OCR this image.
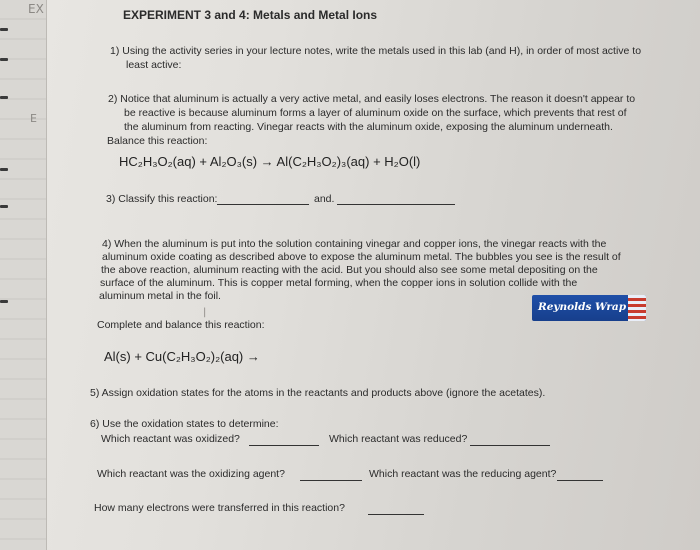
EX
E
EXPERIMENT 3 and 4: Metals and Metal Ions
1) Using the activity series in your lecture notes, write the metals used in this lab (and H), in order of most active to
least active:
2) Notice that aluminum is actually a very active metal, and easily loses electrons. The reason it doesn't appear to
be reactive is because aluminum forms a layer of aluminum oxide on the surface, which prevents that rest of
the aluminum from reacting. Vinegar reacts with the aluminum oxide, exposing the aluminum underneath.
Balance this reaction:
HC₂H₃O₂(aq) + Al₂O₃(s) → Al(C₂H₃O₂)₃(aq) + H₂O(l)
3) Classify this reaction:	and.
4) When the aluminum is put into the solution containing vinegar and copper ions, the vinegar reacts with the
aluminum oxide coating as described above to expose the aluminum metal. The bubbles you see is the result of
the above reaction, aluminum reacting with the acid. But you should also see some metal depositing on the
surface of the aluminum. This is copper metal forming, when the copper ions in solution collide with the
aluminum metal in the foil.
Reynolds Wrap
Complete and balance this reaction:
|
Al(s) + Cu(C₂H₃O₂)₂(aq) →
5) Assign oxidation states for the atoms in the reactants and products above (ignore the acetates).
6) Use the oxidation states to determine:
Which reactant was oxidized?	Which reactant was reduced?
Which reactant was the oxidizing agent?	Which reactant was the reducing agent?
How many electrons were transferred in this reaction?
